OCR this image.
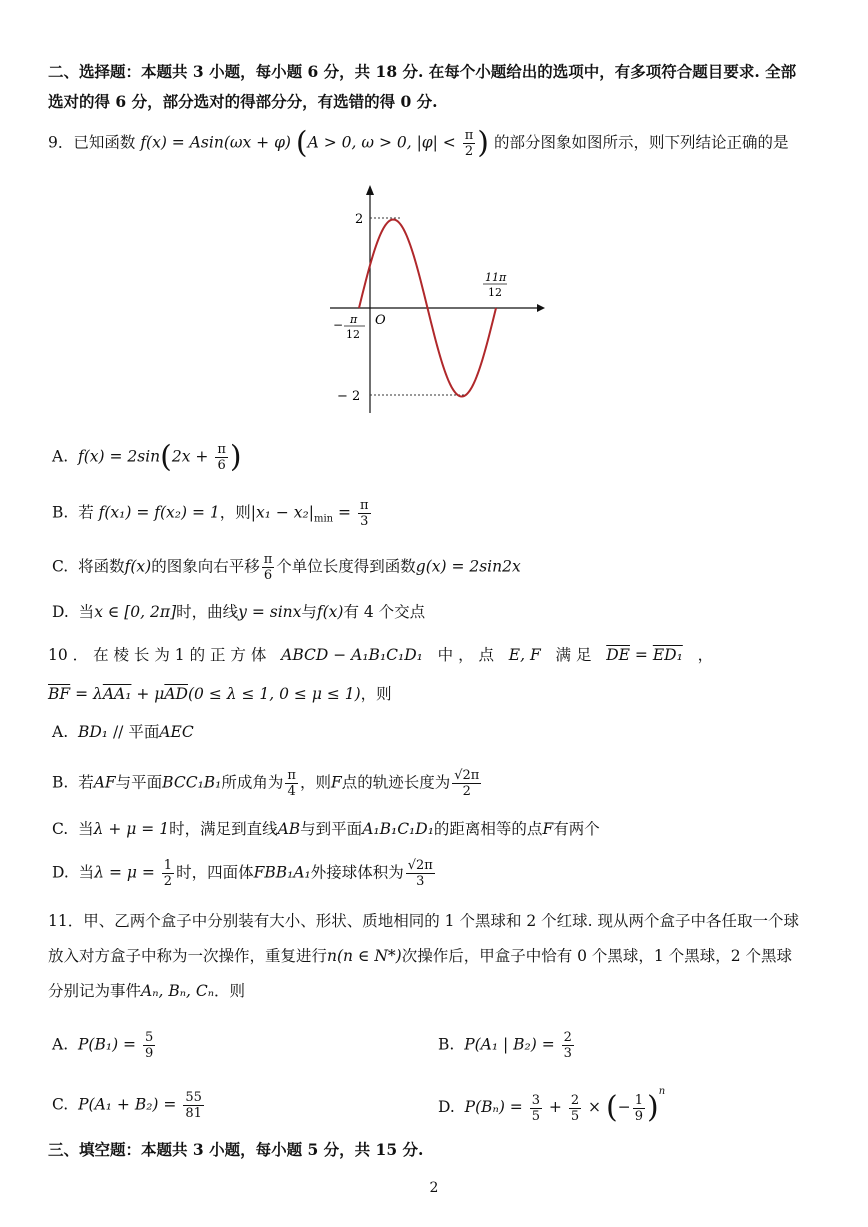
二、选择题：本题共 3 小题，每小题 6 分，共 18 分. 在每个小题给出的选项中，有多项符合题目要求. 全部
选对的得 6 分，部分选对的得部分分，有选错的得 0 分.
9．已知函数 f(x) = Asin(ωx + φ) (A > 0, ω > 0, $|\varphi| < \frac{\pi}{2}$ ) 的部分图象如图所示，则下列结论正确的是
2
− 2
O
− π
12
11π
12
A. $f(x) = 2\sin(2x + \frac{\pi}{6}$ )
B. 若 f(x₁) = f(x₂) = 1，则$|x_1 - x_2|_{min} = \frac{\pi}{3}$
C. 将函数f(x)的图象向右平移 $\frac{\pi}{6}$ 个单位长度得到函数g(x) = 2sin2x
D. 当x ∈ [0, 2π]时，曲线y = sinx与f(x)有 4 个交点
10 ． 在 棱 长 为 1 的 正 方 体 ABCD − A₁B₁C₁D₁ 中 ， 点 E, F 满 足 $\overline{DE} = ED_1$ ，
$\overline{BF} = \lambda AA_1 + \mu\overline{AD}(0 \le \lambda \le 1$, 0 ≤ μ ≤ 1)，则
A. BD₁ // 平面AEC
B. 若AF与平面BCC₁B₁所成角为 $\frac{\pi}{4}$ ，则F点的轨迹长度为 $\frac{√2\pi}{2}$
C. 当λ + μ = 1时，满足到直线AB与到平面A₁B₁C₁D₁的距离相等的点F有两个
D. 当$\lambda = \mu = \frac{1}{2}$ 时，四面体FBB₁A₁外接球体积为 $\frac{√2\pi}{3}$
11．甲、乙两个盒子中分别装有大小、形状、质地相同的 1 个黑球和 2 个红球. 现从两个盒子中各任取一个球
放入对方盒子中称为一次操作，重复进行n(n ∈ N*)次操作后，甲盒子中恰有 0 个黑球，1 个黑球，2 个黑球
分别记为事件Aₙ, Bₙ, Cₙ．则
A. $P(B_1) = \frac{5}{9}$	B. P(A₁ | $B_2) = \frac{2}{3}$
C. $P(A_1 + B_2) = \frac{55}{81}$	D. $P(B_n) = \frac{3}{5} + \frac{2}{5}$ × (− $\frac{1}{9} )^n$
三、填空题：本题共 3 小题，每小题 5 分，共 15 分.
2
